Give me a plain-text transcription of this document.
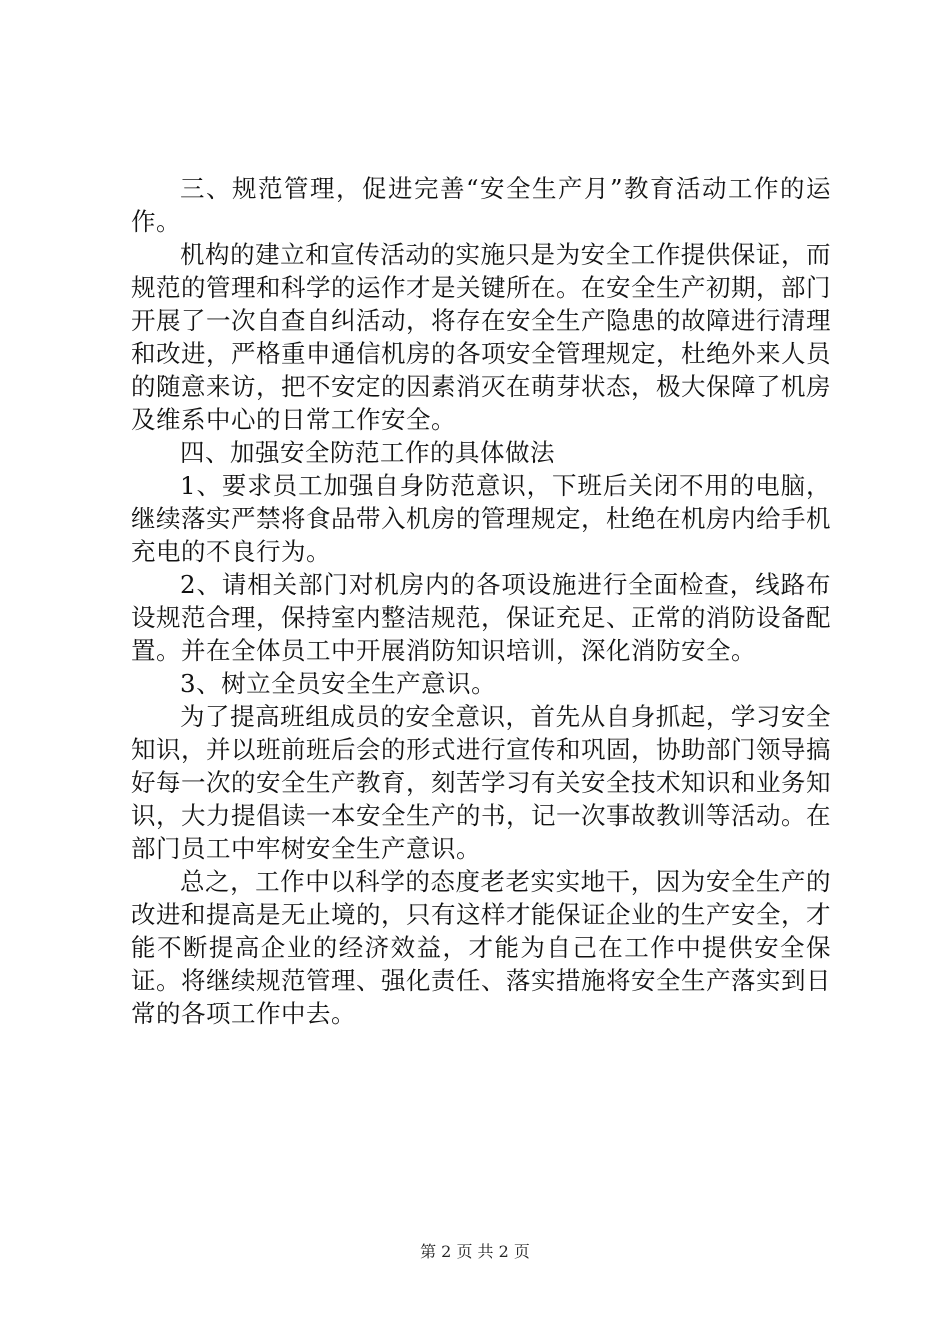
三、规范管理，促进完善“安全生产月”教育活动工作的运作。

机构的建立和宣传活动的实施只是为安全工作提供保证，而规范的管理和科学的运作才是关键所在。在安全生产初期，部门开展了一次自查自纠活动，将存在安全生产隐患的故障进行清理和改进，严格重申通信机房的各项安全管理规定，杜绝外来人员的随意来访，把不安定的因素消灭在萌芽状态，极大保障了机房及维系中心的日常工作安全。

四、加强安全防范工作的具体做法

1、要求员工加强自身防范意识，下班后关闭不用的电脑，继续落实严禁将食品带入机房的管理规定，杜绝在机房内给手机充电的不良行为。

2、请相关部门对机房内的各项设施进行全面检查，线路布设规范合理，保持室内整洁规范，保证充足、正常的消防设备配置。并在全体员工中开展消防知识培训，深化消防安全。

3、树立全员安全生产意识。

为了提高班组成员的安全意识，首先从自身抓起，学习安全知识，并以班前班后会的形式进行宣传和巩固，协助部门领导搞好每一次的安全生产教育，刻苦学习有关安全技术知识和业务知识，大力提倡读一本安全生产的书，记一次事故教训等活动。在部门员工中牢树安全生产意识。

总之，工作中以科学的态度老老实实地干，因为安全生产的改进和提高是无止境的，只有这样才能保证企业的生产安全，才能不断提高企业的经济效益，才能为自己在工作中提供安全保证。将继续规范管理、强化责任、落实措施将安全生产落实到日常的各项工作中去。

第 2 页 共 2 页
